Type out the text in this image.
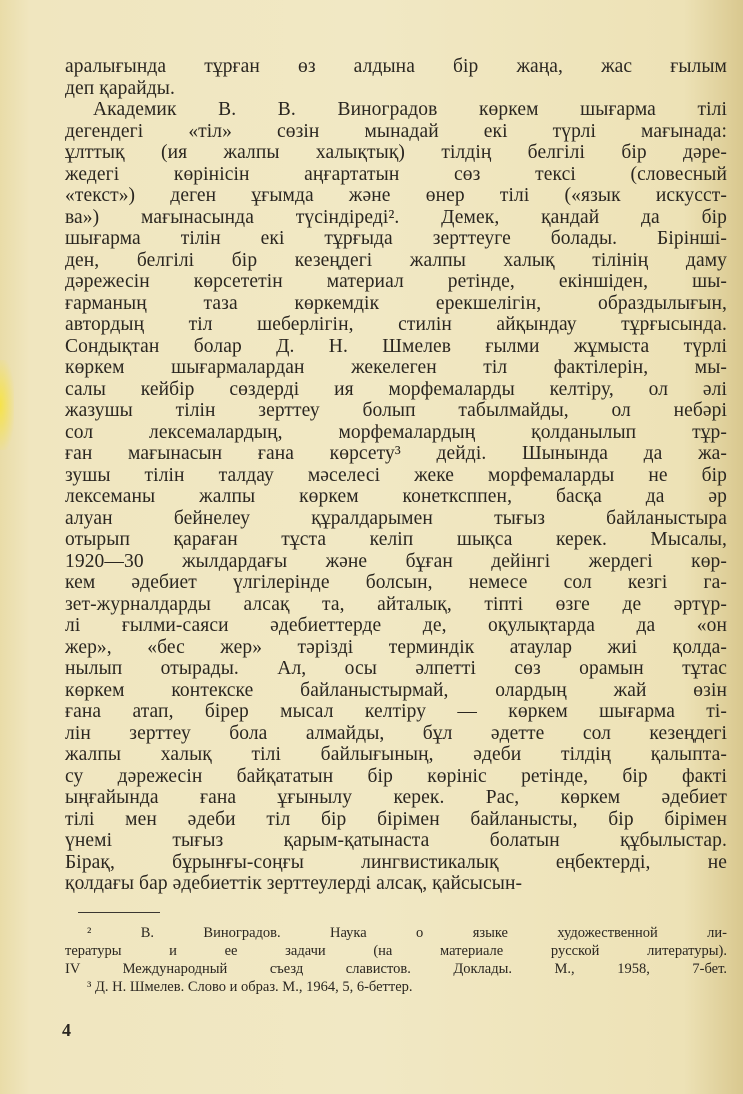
аралығында тұрған өз алдына бір жаңа, жас ғылым
деп қарайды.
Академик В. В. Виноградов көркем шығарма тілі
дегендегі «тіл» сөзін мынадай екі түрлі мағынада:
ұлттық (ия жалпы халықтық) тілдің белгілі бір дәре-
жедегі көрінісін аңғартатын сөз тексі (словесный
«текст») деген ұғымда және өнер тілі («язык искусст-
ва») мағынасында түсіндіреді². Демек, қандай да бір
шығарма тілін екі тұрғыда зерттеуге болады. Біріншi-
ден, белгілі бір кезеңдегі жалпы халық тілінің даму
дәрежесін көрсететін материал ретінде, екіншіден, шы-
ғарманың таза көркемдік ерекшелігін, образдылығын,
автордың тіл шеберлігін, стилін айқындау тұрғысында.
Сондықтан болар Д. Н. Шмелев ғылми жұмыста түрлі
көркем шығармалардан жекелеген тіл фактілерін, мы-
салы кейбір сөздерді ия морфемаларды келтіру, ол әлі
жазушы тілін зерттеу болып табылмайды, ол небәрі
сол лексемалардың, морфемалардың қолданылып тұр-
ған мағынасын ғана көрсету³ дейді. Шынында да жа-
зушы тілін талдау мәселесі жеке морфемаларды не бір
лексеманы жалпы көркем конетксппен, басқа да әр
алуан бейнелеу құралдарымен тығыз байланыстыра
отырып қараған тұста келіп шықса керек. Мысалы,
1920—30 жылдардағы және бұған дейінгі жердегі көр-
кем әдебиет үлгілерінде болсын, немесе сол кезгі га-
зет-журналдарды алсақ та, айталық, тіпті өзге де әртүр-
лі ғылми-саяси әдебиеттерде де, оқулықтарда да «он
жер», «бес жер» тәрізді терминдік атаулар жиі қолда-
нылып отырады. Ал, осы әлпетті сөз орамын тұтас
көркем контекске байланыстырмай, олардың жай өзін
ғана атап, бірер мысал келтіру — көркем шығарма ті-
лін зерттеу бола алмайды, бұл әдетте сол кезеңдегі
жалпы халық тілі байлығының, әдеби тілдің қалыпта-
су дәрежесін байқататын бір көрініс ретінде, бір факті
ыңғайында ғана ұғынылу керек. Рас, көркем әдебиет
тілі мен әдеби тіл бір бірімен байланысты, бір бірімен
үнемі тығыз қарым-қатынаста болатын құбылыстар.
Бірақ, бұрынғы-соңғы лингвистикалық еңбектерді, не
қолдағы бар әдебиеттік зерттеулерді алсақ, қайсысын-
² В. Виноградов. Наука о языке художественной ли-
тературы и ее задачи (на материале русской литературы).
IV Международный съезд славистов. Доклады. М., 1958, 7-бет.
³ Д. Н. Шмелев. Слово и образ. М., 1964, 5, 6-беттер.
4
